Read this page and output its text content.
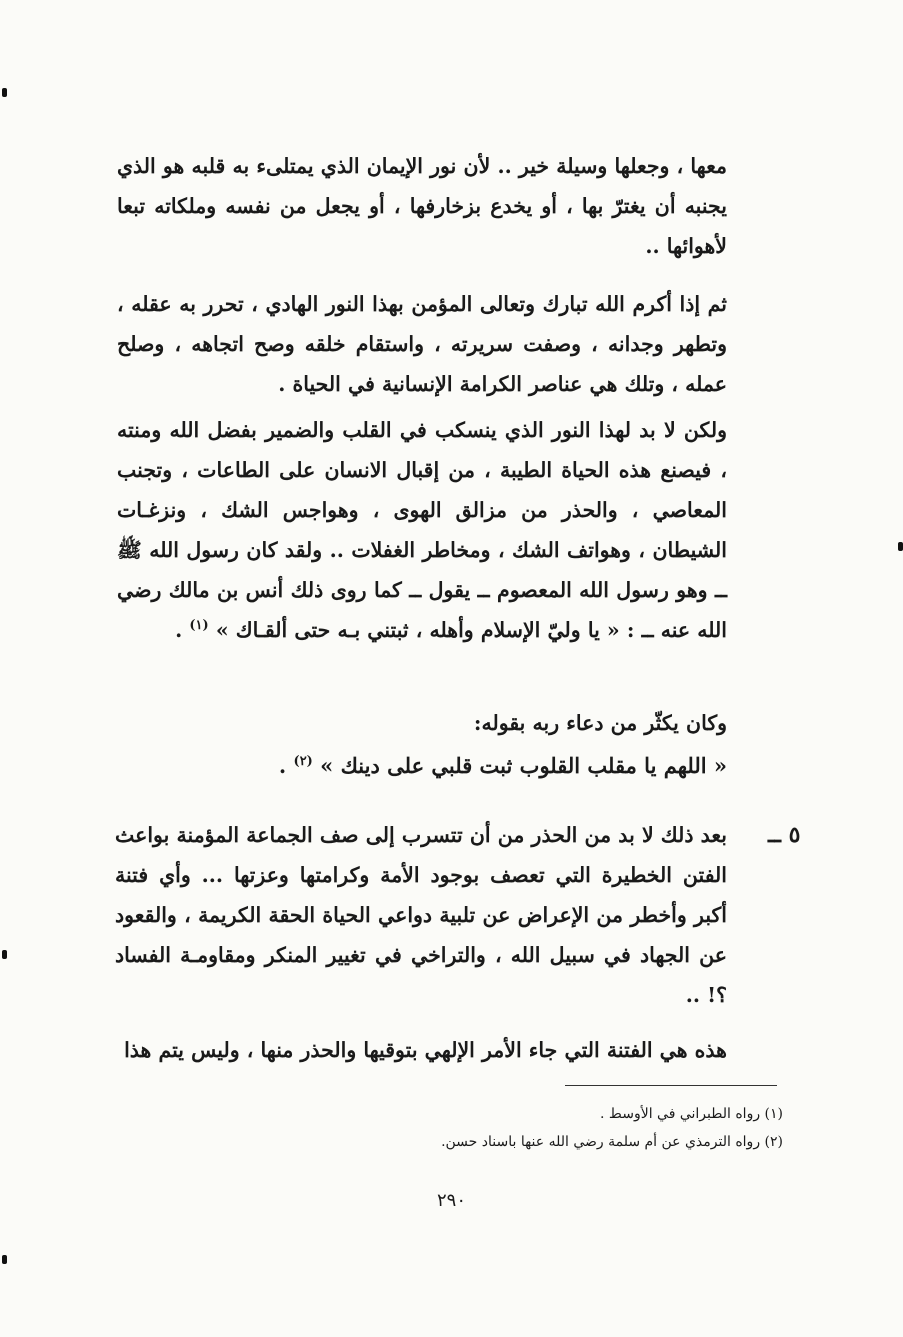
معها ، وجعلها وسيلة خير .. لأن نور الإيمان الذي يمتلىء به قلبه هو الذي يجنبه أن يغترّ بها ، أو يخدع بزخارفها ، أو يجعل من نفسه وملكاته تبعا لأهوائها ..

ثم إذا أكرم الله تبارك وتعالى المؤمن بهذا النور الهادي ، تحرر به عقله ، وتطهر وجدانه ، وصفت سريرته ، واستقام خلقه وصح اتجاهه ، وصلح عمله ، وتلك هي عناصر الكرامة الإنسانية في الحياة .

ولكن لا بد لهذا النور الذي ينسكب في القلب والضمير بفضل الله ومنته ، فيصنع هذه الحياة الطيبة ، من إقبال الانسان على الطاعات ، وتجنب المعاصي ، والحذر من مزالق الهوى ، وهواجس الشك ، ونزغـات الشيطان ، وهواتف الشك ، ومخاطر الغفلات .. ولقد كان رسول الله ﷺ ــ وهو رسول الله المعصوم ــ يقول ــ كما روى ذلك أنس بن مالك رضي الله عنه ــ : « يا وليّ الإسلام وأهله ، ثبتني بـه حتى ألقـاك » $^{(١)}$ .

وكان يكثّر من دعاء ربه بقوله:

« اللهم يا مقلب القلوب ثبت قلبي على دينك » $^{(٢)}$ .

٥ ــ

بعد ذلك لا بد من الحذر من أن تتسرب إلى صف الجماعة المؤمنة بواعث الفتن الخطيرة التي تعصف بوجود الأمة وكرامتها وعزتها ... وأي فتنة أكبر وأخطر من الإعراض عن تلبية دواعي الحياة الحقة الكريمة ، والقعود عن الجهاد في سبيل الله ، والتراخي في تغيير المنكر ومقاومـة الفساد ؟! ..

هذه هي الفتنة التي جاء الأمر الإلهي بتوقيها والحذر منها ، وليس يتم هذا

(١) رواه الطبراني في الأوسط .

(٢) رواه الترمذي عن أم سلمة رضي الله عنها باسناد حسن.

٢٩٠
